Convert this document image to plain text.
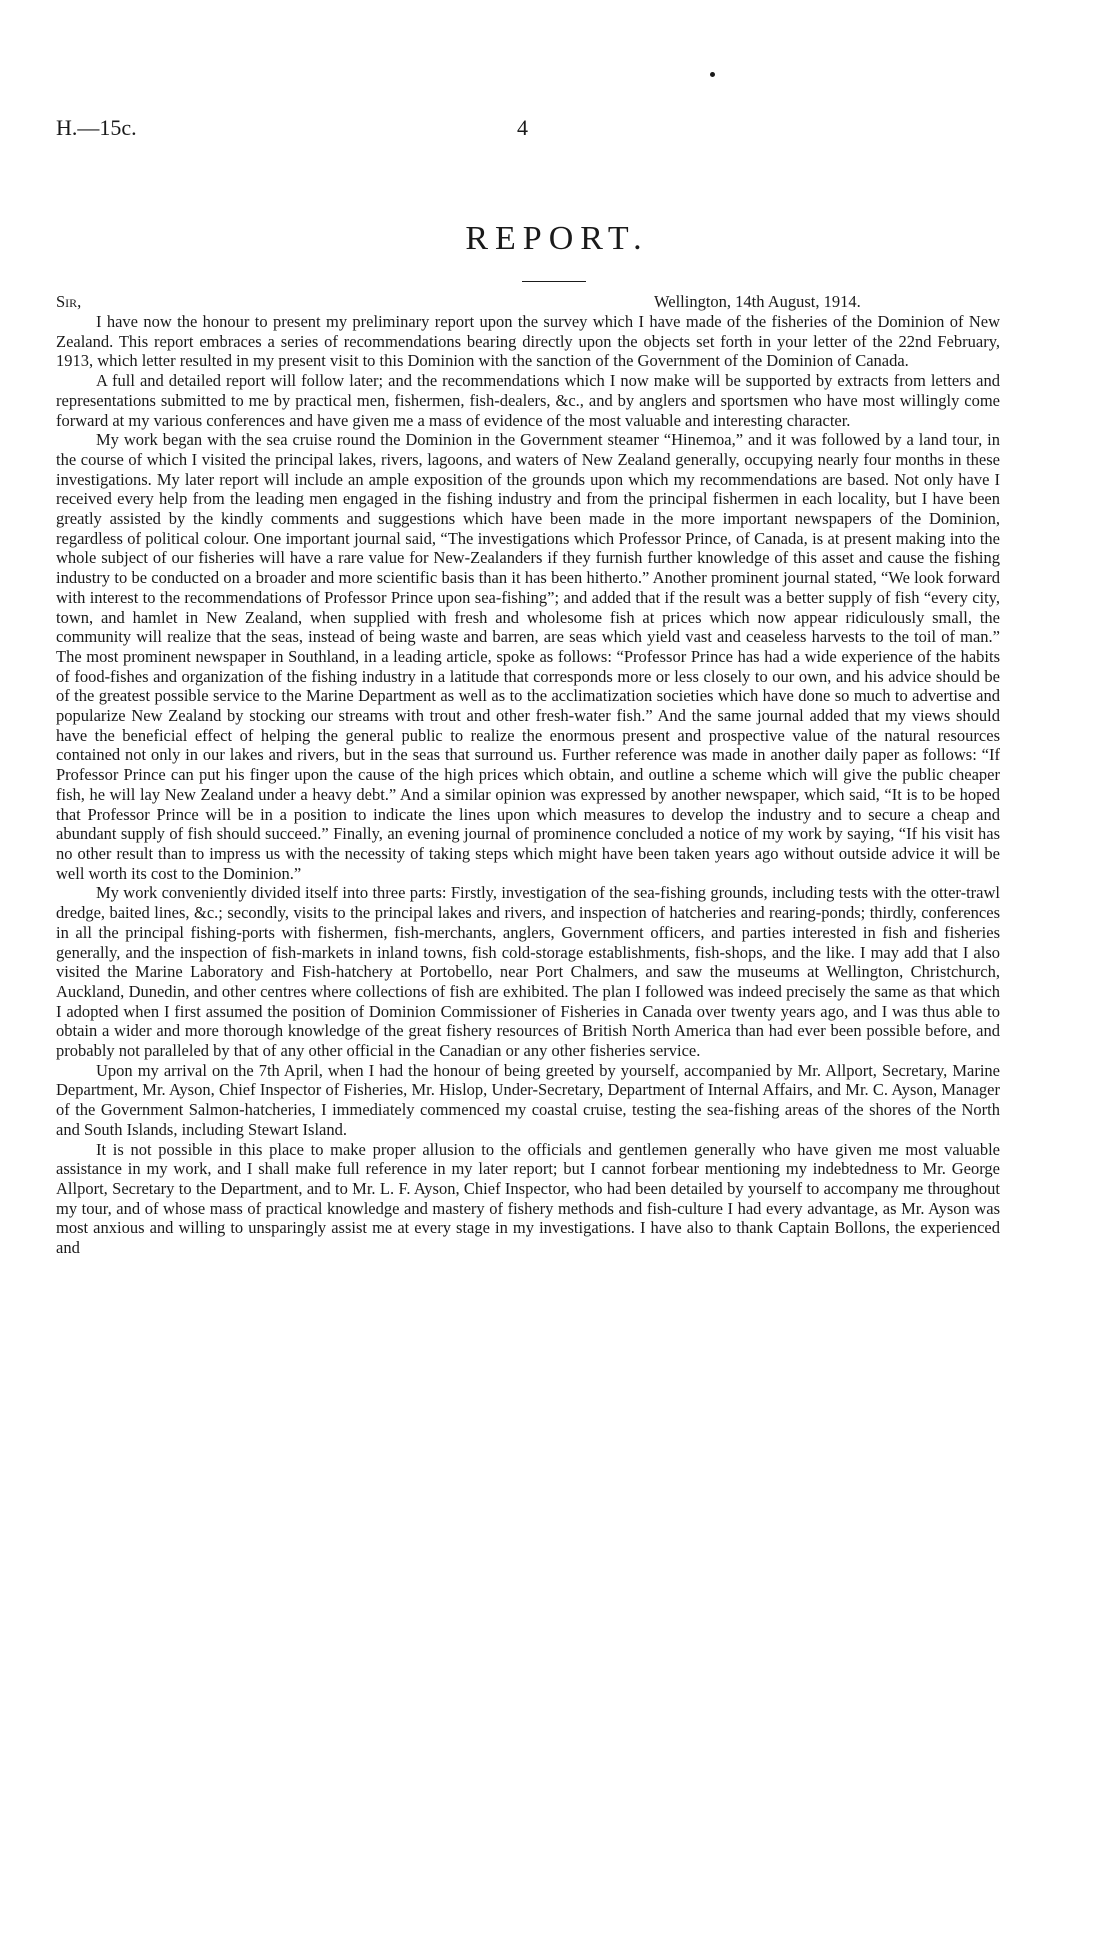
H.—15c.	4
REPORT.
Sir,	Wellington, 14th August, 1914.

I have now the honour to present my preliminary report upon the survey which I have made of the fisheries of the Dominion of New Zealand. This report embraces a series of recommendations bearing directly upon the objects set forth in your letter of the 22nd February, 1913, which letter resulted in my present visit to this Dominion with the sanction of the Government of the Dominion of Canada.

A full and detailed report will follow later; and the recommendations which I now make will be supported by extracts from letters and representations submitted to me by practical men, fishermen, fish-dealers, &c., and by anglers and sportsmen who have most willingly come forward at my various conferences and have given me a mass of evidence of the most valuable and interesting character.

My work began with the sea cruise round the Dominion in the Government steamer “Hinemoa,” and it was followed by a land tour, in the course of which I visited the principal lakes, rivers, lagoons, and waters of New Zealand generally, occupying nearly four months in these investigations. My later report will include an ample exposition of the grounds upon which my recommendations are based. Not only have I received every help from the leading men engaged in the fishing industry and from the principal fishermen in each locality, but I have been greatly assisted by the kindly comments and suggestions which have been made in the more important newspapers of the Dominion, regardless of political colour. One important journal said, “The investigations which Professor Prince, of Canada, is at present making into the whole subject of our fisheries will have a rare value for New-Zealanders if they furnish further knowledge of this asset and cause the fishing industry to be conducted on a broader and more scientific basis than it has been hitherto.” Another prominent journal stated, “We look forward with interest to the recommendations of Professor Prince upon sea-fishing”; and added that if the result was a better supply of fish “every city, town, and hamlet in New Zealand, when supplied with fresh and wholesome fish at prices which now appear ridiculously small, the community will realize that the seas, instead of being waste and barren, are seas which yield vast and ceaseless harvests to the toil of man.” The most prominent newspaper in Southland, in a leading article, spoke as follows: “Professor Prince has had a wide experience of the habits of food-fishes and organization of the fishing industry in a latitude that corresponds more or less closely to our own, and his advice should be of the greatest possible service to the Marine Department as well as to the acclimatization societies which have done so much to advertise and popularize New Zealand by stocking our streams with trout and other fresh-water fish.” And the same journal added that my views should have the beneficial effect of helping the general public to realize the enormous present and prospective value of the natural resources contained not only in our lakes and rivers, but in the seas that surround us. Further reference was made in another daily paper as follows: “If Professor Prince can put his finger upon the cause of the high prices which obtain, and outline a scheme which will give the public cheaper fish, he will lay New Zealand under a heavy debt.” And a similar opinion was expressed by another newspaper, which said, “It is to be hoped that Professor Prince will be in a position to indicate the lines upon which measures to develop the industry and to secure a cheap and abundant supply of fish should succeed.” Finally, an evening journal of prominence concluded a notice of my work by saying, “If his visit has no other result than to impress us with the necessity of taking steps which might have been taken years ago without outside advice it will be well worth its cost to the Dominion.”

My work conveniently divided itself into three parts: Firstly, investigation of the sea-fishing grounds, including tests with the otter-trawl dredge, baited lines, &c.; secondly, visits to the principal lakes and rivers, and inspection of hatcheries and rearing-ponds; thirdly, conferences in all the principal fishing-ports with fishermen, fish-merchants, anglers, Government officers, and parties interested in fish and fisheries generally, and the inspection of fish-markets in inland towns, fish cold-storage establishments, fish-shops, and the like. I may add that I also visited the Marine Laboratory and Fish-hatchery at Portobello, near Port Chalmers, and saw the museums at Wellington, Christchurch, Auckland, Dunedin, and other centres where collections of fish are exhibited. The plan I followed was indeed precisely the same as that which I adopted when I first assumed the position of Dominion Commissioner of Fisheries in Canada over twenty years ago, and I was thus able to obtain a wider and more thorough knowledge of the great fishery resources of British North America than had ever been possible before, and probably not paralleled by that of any other official in the Canadian or any other fisheries service.

Upon my arrival on the 7th April, when I had the honour of being greeted by yourself, accompanied by Mr. Allport, Secretary, Marine Department, Mr. Ayson, Chief Inspector of Fisheries, Mr. Hislop, Under-Secretary, Department of Internal Affairs, and Mr. C. Ayson, Manager of the Government Salmon-hatcheries, I immediately commenced my coastal cruise, testing the sea-fishing areas of the shores of the North and South Islands, including Stewart Island.

It is not possible in this place to make proper allusion to the officials and gentlemen generally who have given me most valuable assistance in my work, and I shall make full reference in my later report; but I cannot forbear mentioning my indebtedness to Mr. George Allport, Secretary to the Department, and to Mr. L. F. Ayson, Chief Inspector, who had been detailed by yourself to accompany me throughout my tour, and of whose mass of practical knowledge and mastery of fishery methods and fish-culture I had every advantage, as Mr. Ayson was most anxious and willing to unsparingly assist me at every stage in my investigations. I have also to thank Captain Bollons, the experienced and
